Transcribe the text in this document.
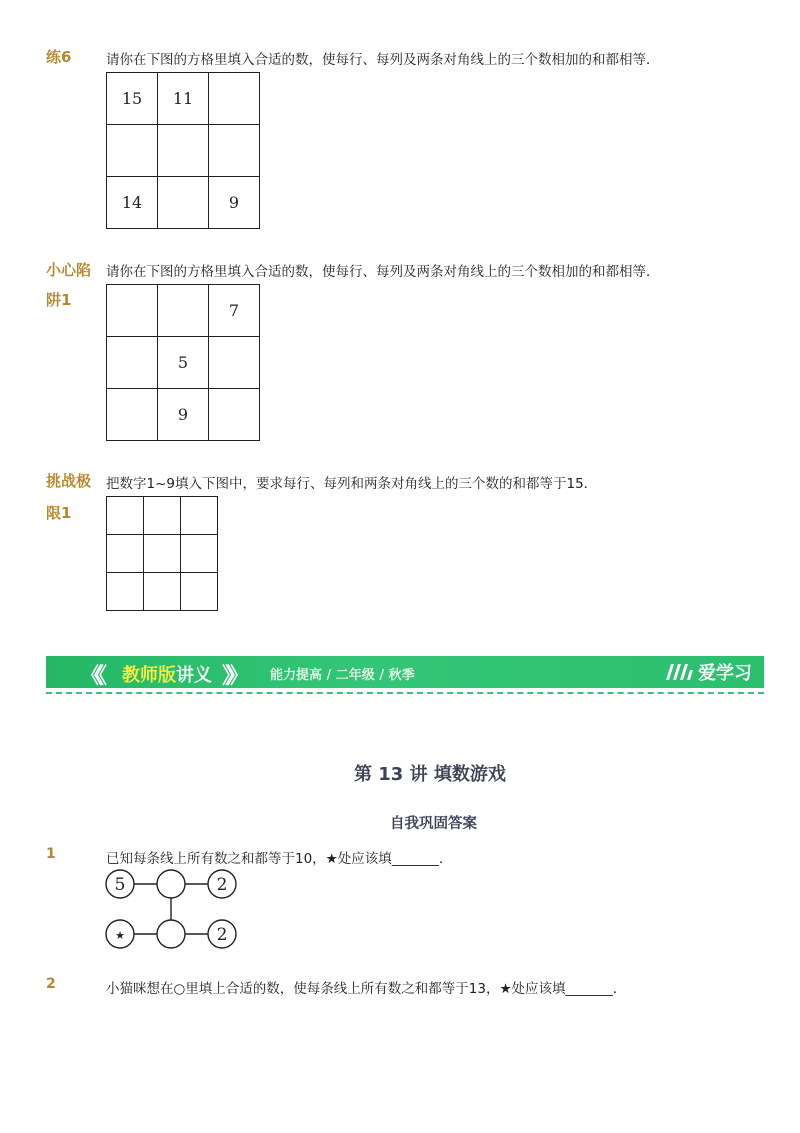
练6	请你在下图的方格里填入合适的数，使每行、每列及两条对角线上的三个数相加的和都相等．
15	11	

14		9
小心陷
阱1
请你在下图的方格里填入合适的数，使每行、每列及两条对角线上的三个数相加的和都相等．
		7
	5	
	9	
挑战极
限1
把数字1~9填入下图中，要求每行、每列和两条对角线上的三个数的和都等于15．

《《 教师版讲义 》》 能力提高 / 二年级 / 秋季	爱学习
第 13 讲 填数游戏
自我巩固答案
1	已知每条线上所有数之和都等于10，★处应该填_______．
5	2
★	2
2	小猫咪想在○里填上合适的数，使每条线上所有数之和都等于13，★处应该填_______．
